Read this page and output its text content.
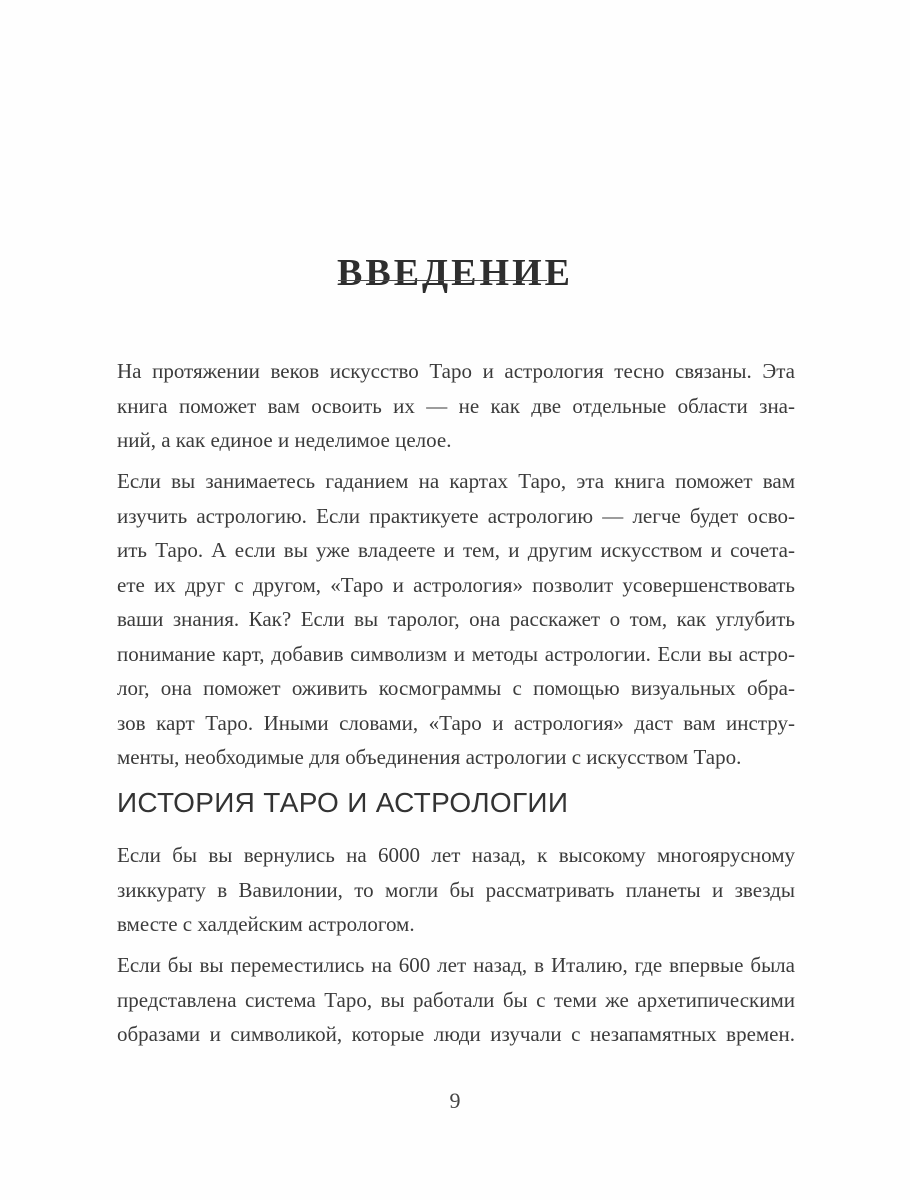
ВВЕДЕНИЕ

На протяжении веков искусство Таро и астрология тесно связаны. Эта
книга поможет вам освоить их — не как две отдельные области зна-
ний, а как единое и неделимое целое.

Если вы занимаетесь гаданием на картах Таро, эта книга поможет вам
изучить астрологию. Если практикуете астрологию — легче будет осво-
ить Таро. А если вы уже владеете и тем, и другим искусством и сочета-
ете их друг с другом, «Таро и астрология» позволит усовершенствовать
ваши знания. Как? Если вы таролог, она расскажет о том, как углубить
понимание карт, добавив символизм и методы астрологии. Если вы астро-
лог, она поможет оживить космограммы с помощью визуальных обра-
зов карт Таро. Иными словами, «Таро и астрология» даст вам инстру-
менты, необходимые для объединения астрологии с искусством Таро.

ИСТОРИЯ ТАРО И АСТРОЛОГИИ

Если бы вы вернулись на 6000 лет назад, к высокому многоярусному
зиккурату в Вавилонии, то могли бы рассматривать планеты и звезды
вместе с халдейским астрологом.

Если бы вы переместились на 600 лет назад, в Италию, где впервые была
представлена система Таро, вы работали бы с теми же архетипическими
образами и символикой, которые люди изучали с незапамятных времен.

9
